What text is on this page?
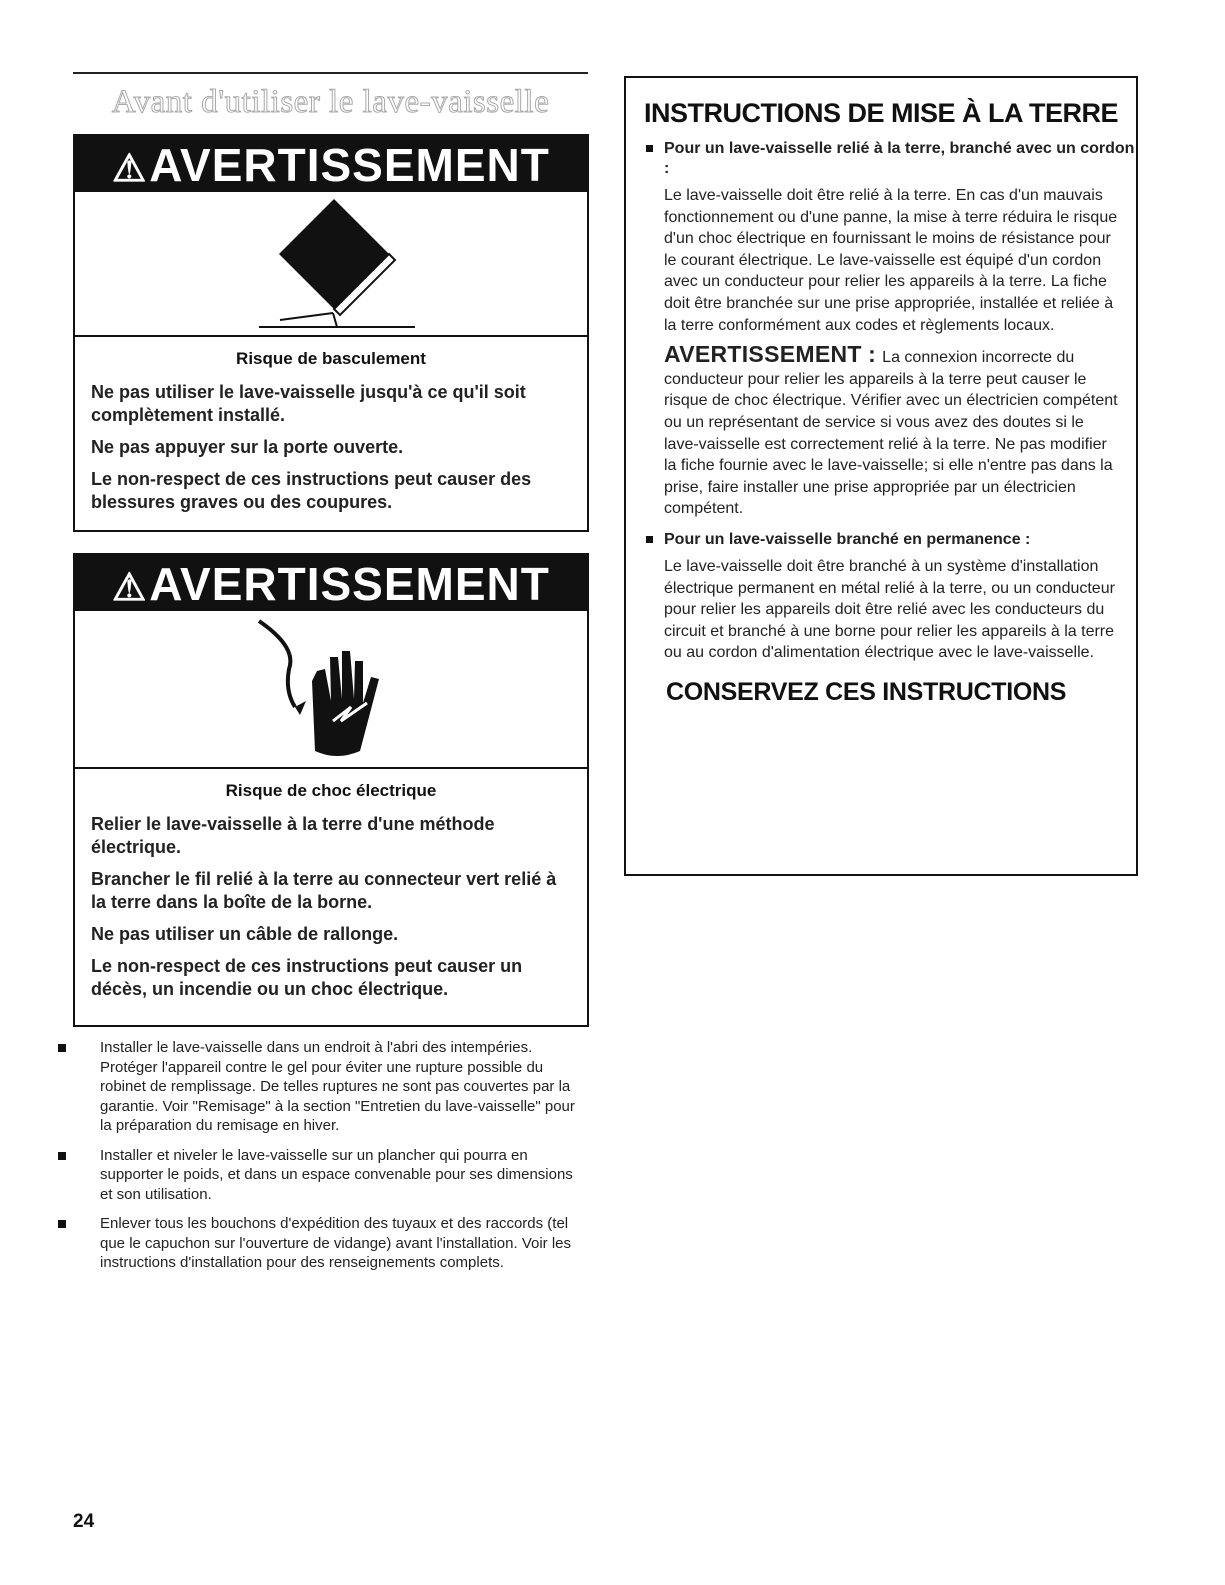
Avant d'utiliser le lave-vaisselle
⚠AVERTISSEMENT
Risque de basculement
Ne pas utiliser le lave-vaisselle jusqu'à ce qu'il soit complètement installé.
Ne pas appuyer sur la porte ouverte.
Le non-respect de ces instructions peut causer des blessures graves ou des coupures.
⚠AVERTISSEMENT
Risque de choc électrique
Relier le lave-vaisselle à la terre d'une méthode électrique.
Brancher le fil relié à la terre au connecteur vert relié à la terre dans la boîte de la borne.
Ne pas utiliser un câble de rallonge.
Le non-respect de ces instructions peut causer un décès, un incendie ou un choc électrique.
Installer le lave-vaisselle dans un endroit à l'abri des intempéries. Protéger l'appareil contre le gel pour éviter une rupture possible du robinet de remplissage. De telles ruptures ne sont pas couvertes par la garantie. Voir "Remisage" à la section "Entretien du lave-vaisselle" pour la préparation du remisage en hiver.
Installer et niveler le lave-vaisselle sur un plancher qui pourra en supporter le poids, et dans un espace convenable pour ses dimensions et son utilisation.
Enlever tous les bouchons d'expédition des tuyaux et des raccords (tel que le capuchon sur l'ouverture de vidange) avant l'installation. Voir les instructions d'installation pour des renseignements complets.
INSTRUCTIONS DE MISE À LA TERRE
Pour un lave-vaisselle relié à la terre, branché avec un cordon :
Le lave-vaisselle doit être relié à la terre. En cas d'un mauvais fonctionnement ou d'une panne, la mise à terre réduira le risque d'un choc électrique en fournissant le moins de résistance pour le courant électrique. Le lave-vaisselle est équipé d'un cordon avec un conducteur pour relier les appareils à la terre. La fiche doit être branchée sur une prise appropriée, installée et reliée à la terre conformément aux codes et règlements locaux.
AVERTISSEMENT : La connexion incorrecte du conducteur pour relier les appareils à la terre peut causer le risque de choc électrique. Vérifier avec un électricien compétent ou un représentant de service si vous avez des doutes si le lave-vaisselle est correctement relié à la terre. Ne pas modifier la fiche fournie avec le lave-vaisselle; si elle n'entre pas dans la prise, faire installer une prise appropriée par un électricien compétent.
Pour un lave-vaisselle branché en permanence :
Le lave-vaisselle doit être branché à un système d'installation électrique permanent en métal relié à la terre, ou un conducteur pour relier les appareils doit être relié avec les conducteurs du circuit et branché à une borne pour relier les appareils à la terre ou au cordon d'alimentation électrique avec le lave-vaisselle.
CONSERVEZ CES INSTRUCTIONS
24
